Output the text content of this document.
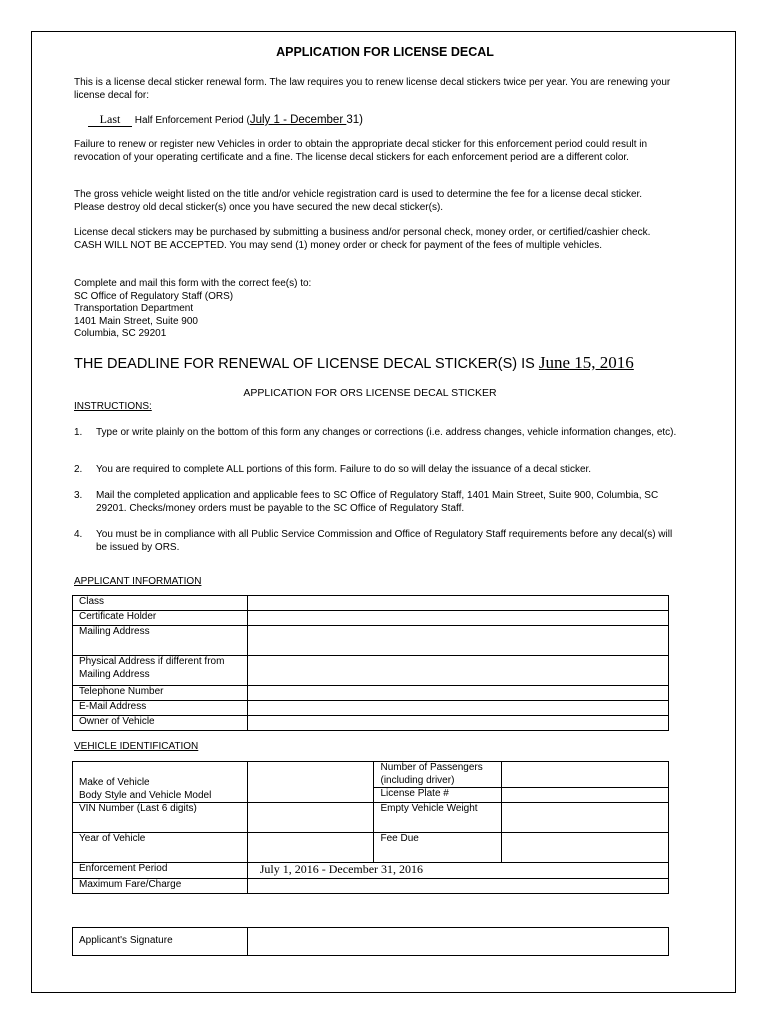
APPLICATION FOR LICENSE DECAL
This is a license decal sticker renewal form. The law requires you to renew license decal stickers twice per year. You are renewing your license decal for:
Last Half Enforcement Period (July 1 - December 31)
Failure to renew or register new Vehicles in order to obtain the appropriate decal sticker for this enforcement period could result in revocation of your operating certificate and a fine. The license decal stickers for each enforcement period are a different color.
The gross vehicle weight listed on the title and/or vehicle registration card is used to determine the fee for a license decal sticker. Please destroy old decal sticker(s) once you have secured the new decal sticker(s).
License decal stickers may be purchased by submitting a business and/or personal check, money order, or certified/cashier check. CASH WILL NOT BE ACCEPTED. You may send (1) money order or check for payment of the fees of multiple vehicles.
Complete and mail this form with the correct fee(s) to:
SC Office of Regulatory Staff (ORS)
Transportation Department
1401 Main Street, Suite 900
Columbia, SC 29201
THE DEADLINE FOR RENEWAL OF LICENSE DECAL STICKER(S) IS June 15, 2016
APPLICATION FOR ORS LICENSE DECAL STICKER
INSTRUCTIONS:
1. Type or write plainly on the bottom of this form any changes or corrections (i.e. address changes, vehicle information changes, etc).
2. You are required to complete ALL portions of this form. Failure to do so will delay the issuance of a decal sticker.
3. Mail the completed application and applicable fees to SC Office of Regulatory Staff, 1401 Main Street, Suite 900, Columbia, SC 29201. Checks/money orders must be payable to the SC Office of Regulatory Staff.
4. You must be in compliance with all Public Service Commission and Office of Regulatory Staff requirements before any decal(s) will be issued by ORS.
APPLICANT INFORMATION
Class	
Certificate Holder	
Mailing Address	
Physical Address if different from Mailing Address	
Telephone Number	
E-Mail Address	
Owner of Vehicle	
VEHICLE IDENTIFICATION
Make of Vehicle
Body Style and Vehicle Model		Number of Passengers (including driver)	
		License Plate #	
VIN Number (Last 6 digits)		Empty Vehicle Weight	
Year of Vehicle		Fee Due	
Enforcement Period	July 1, 2016 - December 31, 2016		
Maximum Fare/Charge			
Applicant's Signature
